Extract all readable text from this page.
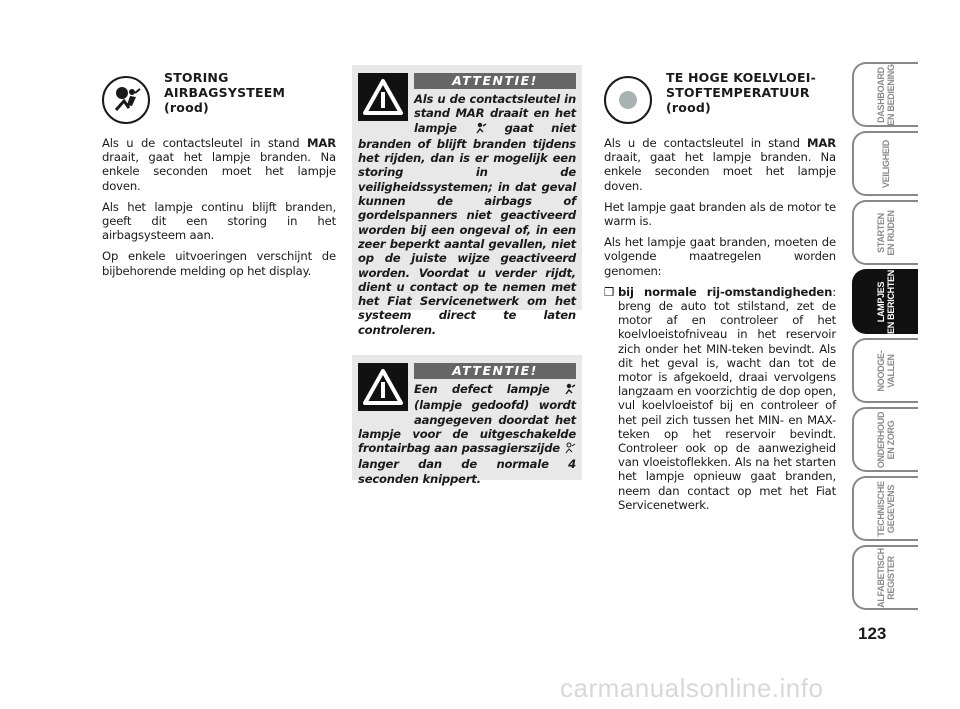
STORING
AIRBAGSYSTEEM
(rood)

Als u de contactsleutel in stand MAR draait, gaat het lampje branden. Na enkele seconden moet het lampje doven.

Als het lampje continu blijft branden, geeft dit een storing in het airbagsysteem aan.

Op enkele uitvoeringen verschijnt de bijbehorende melding op het display.

ATTENTIE!
Als u de contactsleutel in stand MAR draait en het lampje  gaat niet branden of blijft branden tijdens het rijden, dan is er mogelijk een storing in de veiligheidssystemen; in dat geval kunnen de airbags of gordelspanners niet geactiveerd worden bij een ongeval of, in een zeer beperkt aantal gevallen, niet op de juiste wijze geactiveerd worden. Voordat u verder rijdt, dient u contact op te nemen met het Fiat Servicenetwerk om het systeem direct te laten controleren.
ATTENTIE!
Een defect lampje  (lampje gedoofd) wordt aangegeven doordat het lampje voor de uitgeschakelde frontairbag aan passagierszijde  langer dan de normale 4 seconden knippert.
TE HOGE KOELVLOEI-
STOFTEMPERATUUR
(rood)

Als u de contactsleutel in stand MAR draait, gaat het lampje branden. Na enkele seconden moet het lampje doven.

Het lampje gaat branden als de motor te warm is.

Als het lampje gaat branden, moeten de volgende maatregelen worden genomen:

❒ bij normale rij-omstandigheden: breng de auto tot stilstand, zet de motor af en controleer of het koelvloeistofniveau in het reservoir zich onder het MIN-teken bevindt. Als dit het geval is, wacht dan tot de motor is afgekoeld, draai vervolgens langzaam en voorzichtig de dop open, vul koelvloeistof bij en controleer of het peil zich tussen het MIN- en MAX-teken op het reservoir bevindt. Controleer ook op de aanwezigheid van vloeistoflekken. Als na het starten het lampje opnieuw gaat branden, neem dan contact op met het Fiat Servicenetwerk.
DASHBOARD
EN BEDIENING
VEILIGHEID
STARTEN
EN RIJDEN
LAMPJES
EN BERICHTEN
NOODGE-
VALLEN
ONDERHOUD
EN ZORG
TECHNISCHE
GEGEVENS
ALFABETISCH
REGISTER
123
carmanualsonline.info
